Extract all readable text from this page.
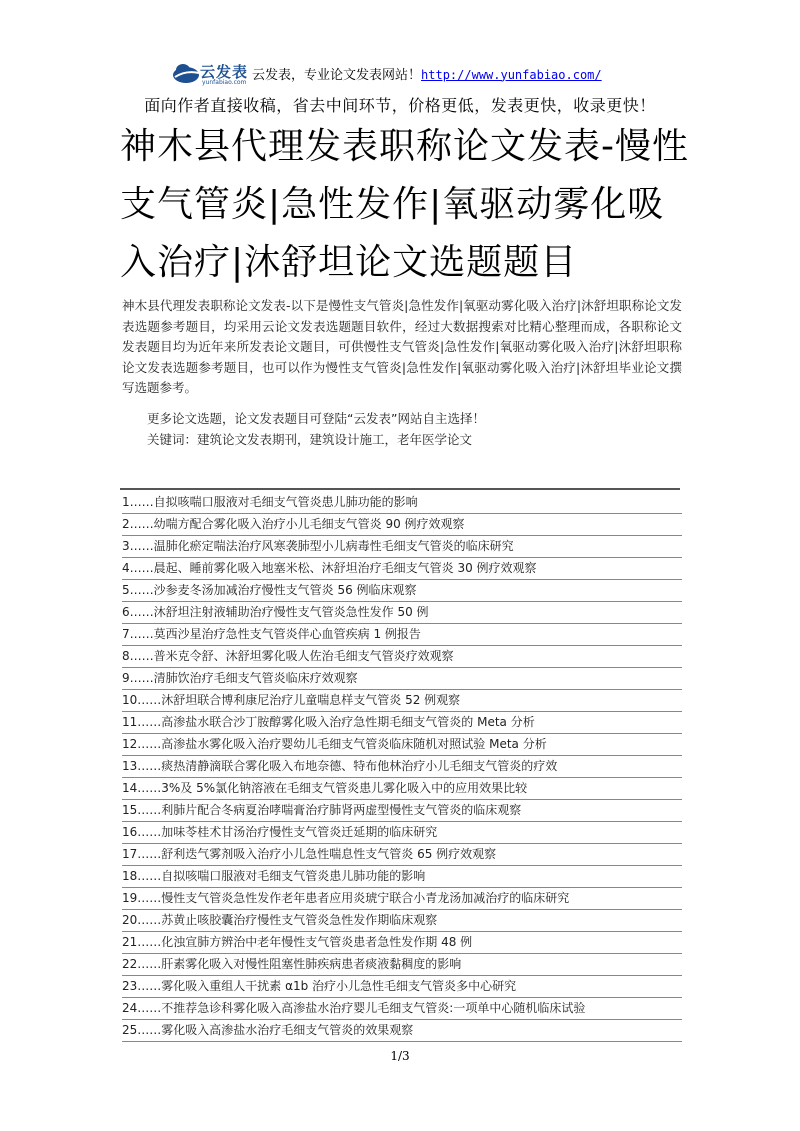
云发表
yunfabiao.com 云发表，专业论文发表网站！http://www.yunfabiao.com/
面向作者直接收稿，省去中间环节，价格更低，发表更快，收录更快！
神木县代理发表职称论文发表-慢性支气管炎|急性发作|氧驱动雾化吸入治疗|沐舒坦论文选题题目
神木县代理发表职称论文发表-以下是慢性支气管炎|急性发作|氧驱动雾化吸入治疗|沐舒坦职称论文发表选题参考题目，均采用云论文发表选题题目软件，经过大数据搜索对比精心整理而成，各职称论文发表题目均为近年来所发表论文题目，可供慢性支气管炎|急性发作|氧驱动雾化吸入治疗|沐舒坦职称论文发表选题参考题目，也可以作为慢性支气管炎|急性发作|氧驱动雾化吸入治疗|沐舒坦毕业论文撰写选题参考。
更多论文选题，论文发表题目可登陆“云发表”网站自主选择！
关键词：建筑论文发表期刊，建筑设计施工，老年医学论文
1……自拟咳喘口服液对毛细支气管炎患儿肺功能的影响
2……幼喘方配合雾化吸入治疗小儿毛细支气管炎 90 例疗效观察
3……温肺化瘀定喘法治疗风寒袭肺型小儿病毒性毛细支气管炎的临床研究
4……晨起、睡前雾化吸入地塞米松、沐舒坦治疗毛细支气管炎 30 例疗效观察
5……沙参麦冬汤加减治疗慢性支气管炎 56 例临床观察
6……沐舒坦注射液辅助治疗慢性支气管炎急性发作 50 例
7……莫西沙星治疗急性支气管炎伴心血管疾病 1 例报告
8……普米克令舒、沐舒坦雾化吸人佐治毛细支气管炎疗效观察
9……清肺饮治疗毛细支气管炎临床疗效观察
10……沐舒坦联合博利康尼治疗儿童喘息样支气管炎 52 例观察
11……高渗盐水联合沙丁胺醇雾化吸入治疗急性期毛细支气管炎的 Meta 分析
12……高渗盐水雾化吸入治疗婴幼儿毛细支气管炎临床随机对照试验 Meta 分析
13……痰热清静滴联合雾化吸入布地奈德、特布他林治疗小儿毛细支气管炎的疗效
14……3%及 5%氯化钠溶液在毛细支气管炎患儿雾化吸入中的应用效果比较
15……利肺片配合冬病夏治哮喘膏治疗肺肾两虚型慢性支气管炎的临床观察
16……加味苓桂术甘汤治疗慢性支气管炎迁延期的临床研究
17……舒利迭气雾剂吸入治疗小儿急性喘息性支气管炎 65 例疗效观察
18……自拟咳喘口服液对毛细支气管炎患儿肺功能的影响
19……慢性支气管炎急性发作老年患者应用炎琥宁联合小青龙汤加减治疗的临床研究
20……苏黄止咳胶囊治疗慢性支气管炎急性发作期临床观察
21……化浊宣肺方辨治中老年慢性支气管炎患者急性发作期 48 例
22……肝素雾化吸入对慢性阻塞性肺疾病患者痰液黏稠度的影响
23……雾化吸入重组人干扰素 α1b 治疗小儿急性毛细支气管炎多中心研究
24……不推荐急诊科雾化吸入高渗盐水治疗婴儿毛细支气管炎:一项单中心随机临床试验
25……雾化吸入高渗盐水治疗毛细支气管炎的效果观察
1/3
